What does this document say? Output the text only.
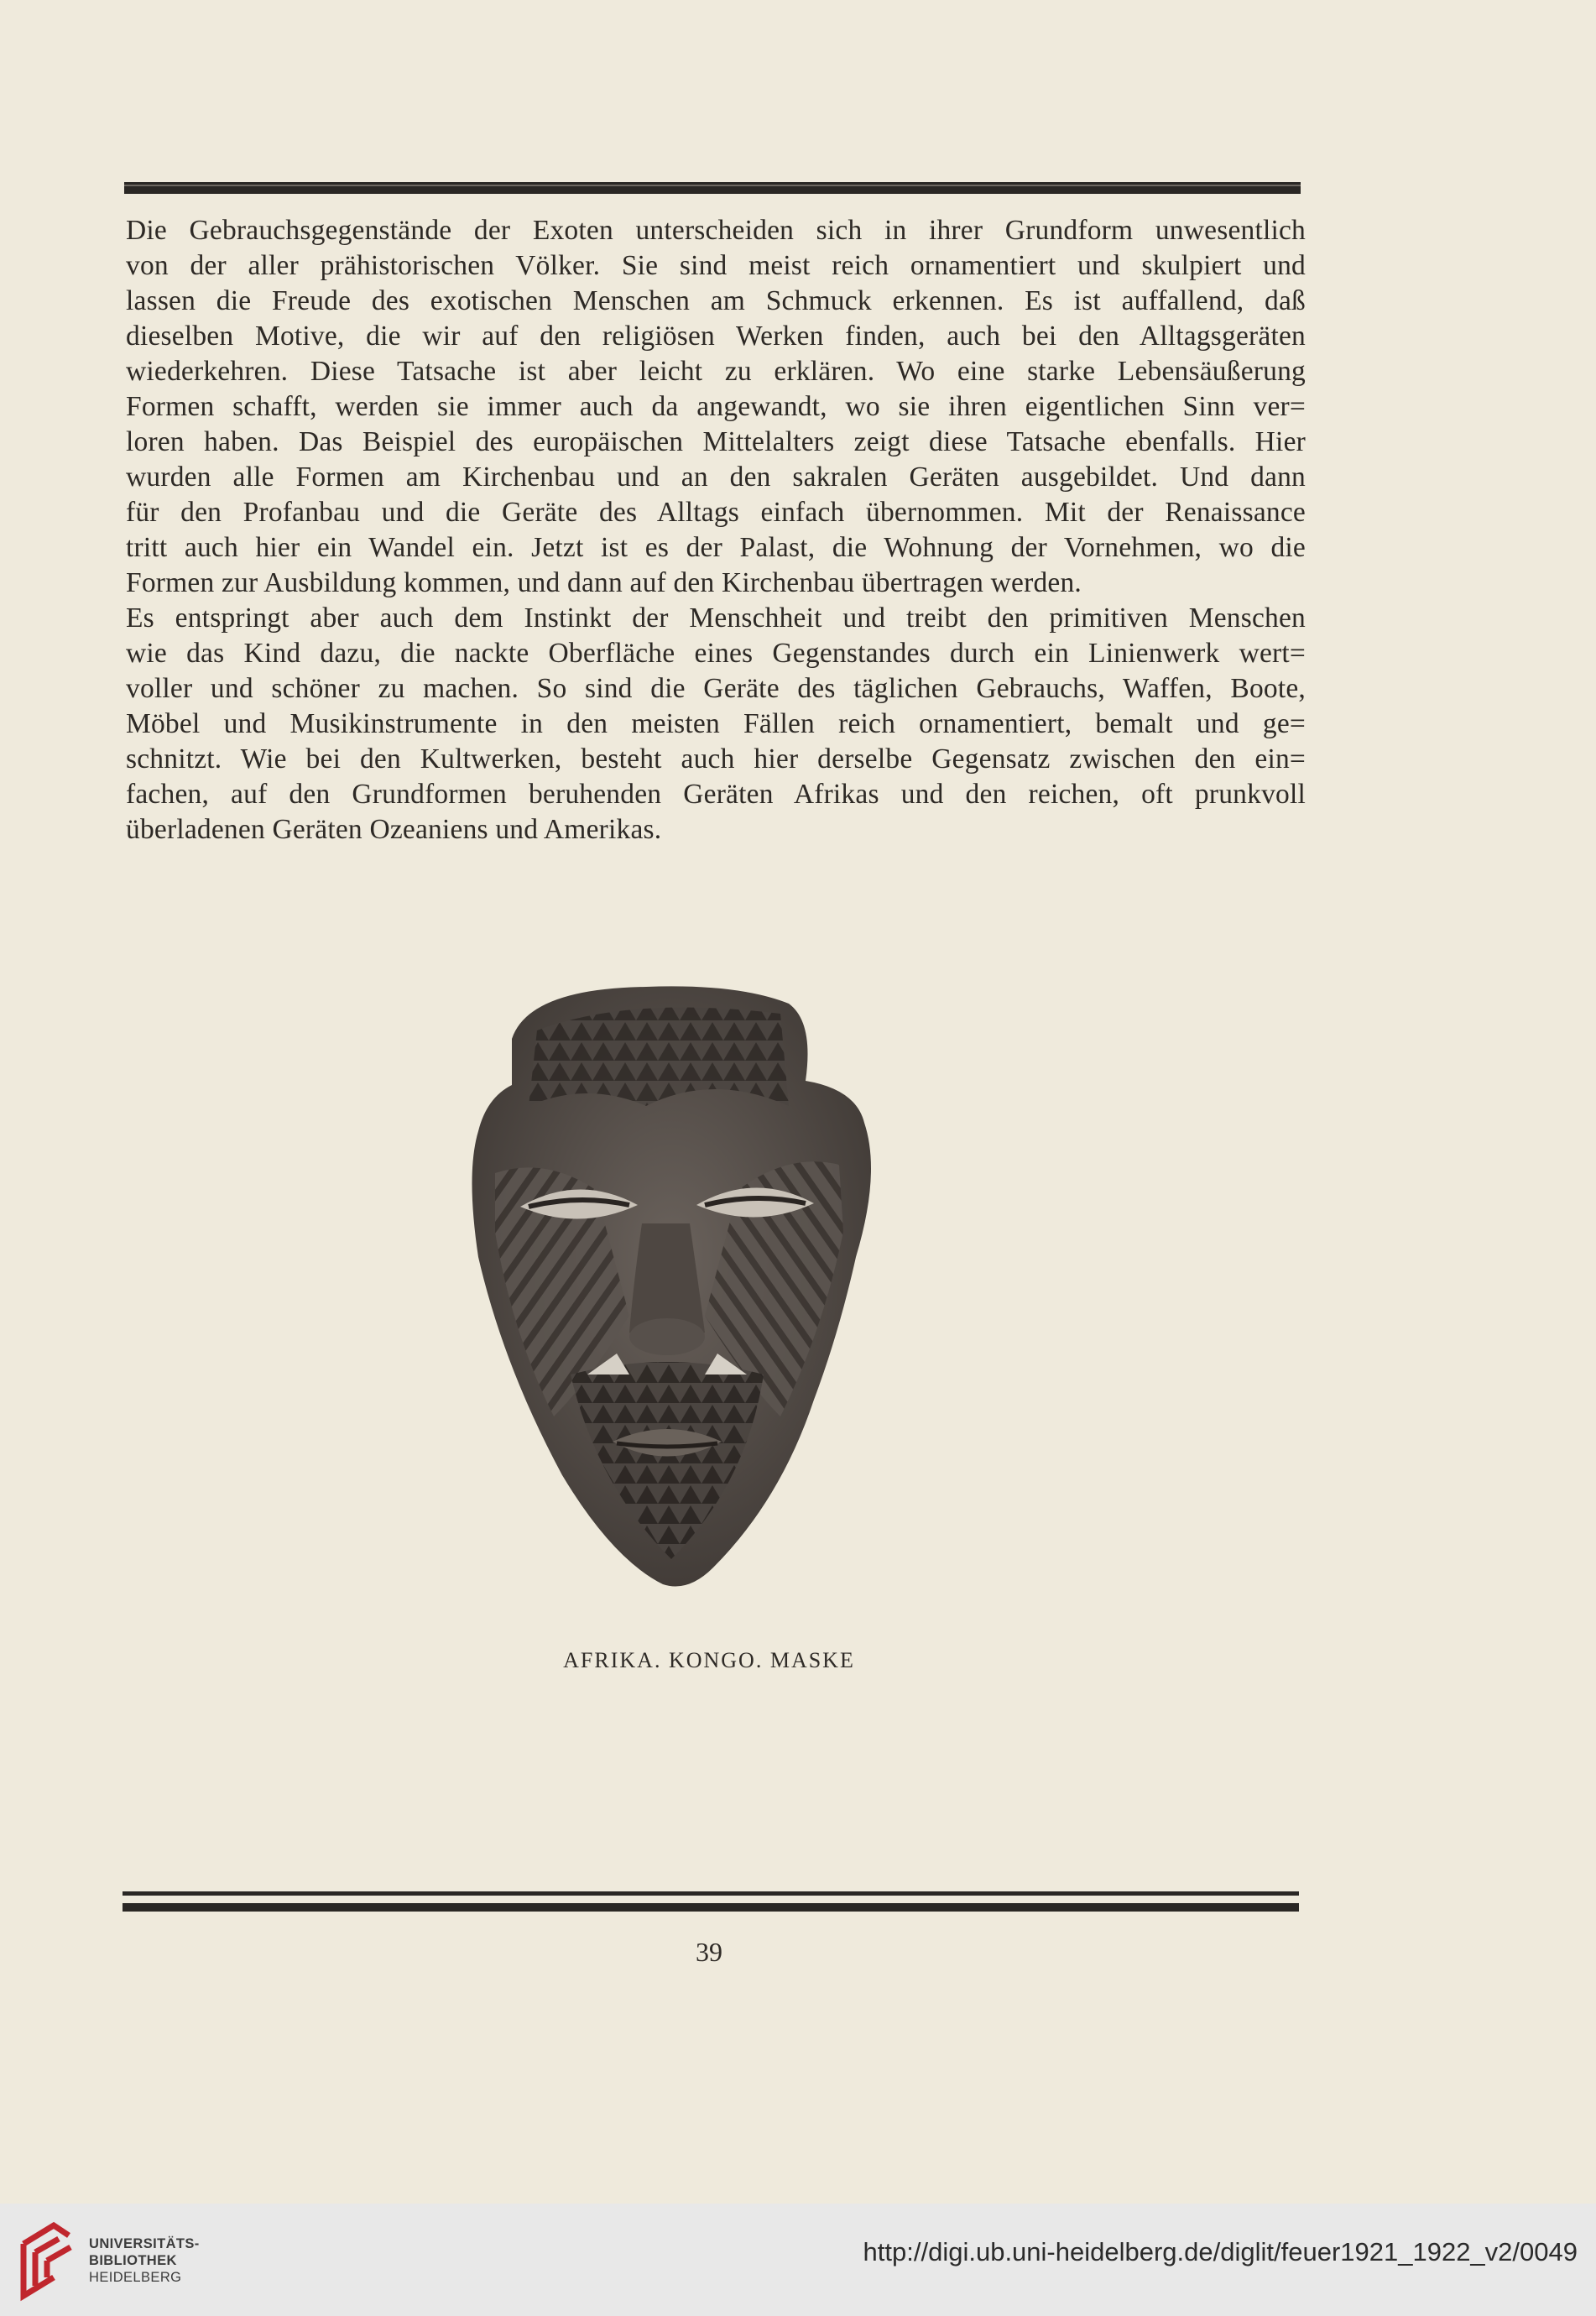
Die Gebrauchsgegenstände der Exoten unterscheiden sich in ihrer Grundform unwesentlich
von der aller prähistorischen Völker. Sie sind meist reich ornamentiert und skulpiert und
lassen die Freude des exotischen Menschen am Schmuck erkennen. Es ist auffallend, daß
dieselben Motive, die wir auf den religiösen Werken finden, auch bei den Alltagsgeräten
wiederkehren. Diese Tatsache ist aber leicht zu erklären. Wo eine starke Lebensäußerung
Formen schafft, werden sie immer auch da angewandt, wo sie ihren eigentlichen Sinn ver=
loren haben. Das Beispiel des europäischen Mittelalters zeigt diese Tatsache ebenfalls. Hier
wurden alle Formen am Kirchenbau und an den sakralen Geräten ausgebildet. Und dann
für den Profanbau und die Geräte des Alltags einfach übernommen. Mit der Renaissance
tritt auch hier ein Wandel ein. Jetzt ist es der Palast, die Wohnung der Vornehmen, wo die
Formen zur Ausbildung kommen, und dann auf den Kirchenbau übertragen werden.
Es entspringt aber auch dem Instinkt der Menschheit und treibt den primitiven Menschen
wie das Kind dazu, die nackte Oberfläche eines Gegenstandes durch ein Linienwerk wert=
voller und schöner zu machen. So sind die Geräte des täglichen Gebrauchs, Waffen, Boote,
Möbel und Musikinstrumente in den meisten Fällen reich ornamentiert, bemalt und ge=
schnitzt. Wie bei den Kultwerken, besteht auch hier derselbe Gegensatz zwischen den ein=
fachen, auf den Grundformen beruhenden Geräten Afrikas und den reichen, oft prunkvoll
überladenen Geräten Ozeaniens und Amerikas.
AFRIKA. KONGO. MASKE
39
UNIVERSITÄTS-
BIBLIOTHEK
HEIDELBERG
http://digi.ub.uni-heidelberg.de/diglit/feuer1921_1922_v2/0049
